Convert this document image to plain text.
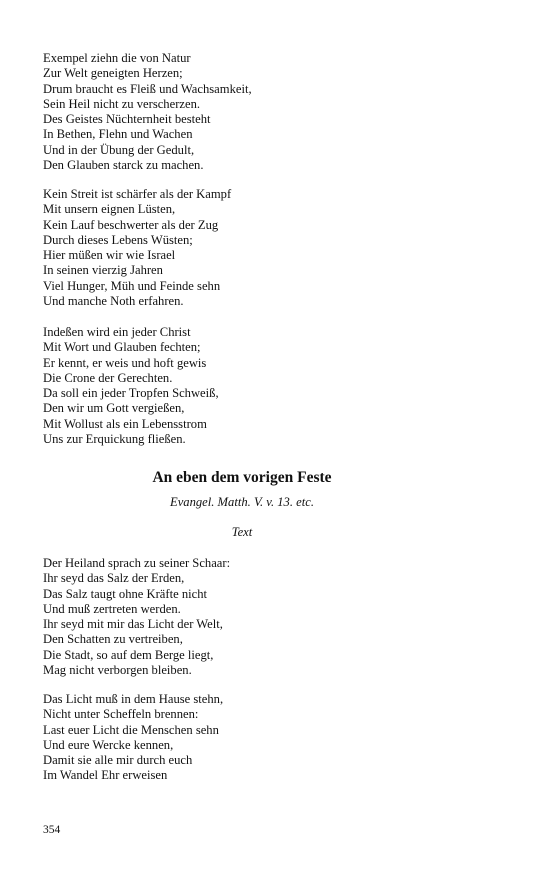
Exempel ziehn die von Natur
Zur Welt geneigten Herzen;
Drum braucht es Fleiß und Wachsamkeit,
Sein Heil nicht zu verscherzen.
Des Geistes Nüchternheit besteht
In Bethen, Flehn und Wachen
Und in der Übung der Gedult,
Den Glauben starck zu machen.
Kein Streit ist schärfer als der Kampf
Mit unsern eignen Lüsten,
Kein Lauf beschwerter als der Zug
Durch dieses Lebens Wüsten;
Hier müßen wir wie Israel
In seinen vierzig Jahren
Viel Hunger, Müh und Feinde sehn
Und manche Noth erfahren.
Indeßen wird ein jeder Christ
Mit Wort und Glauben fechten;
Er kennt, er weis und hoft gewis
Die Crone der Gerechten.
Da soll ein jeder Tropfen Schweiß,
Den wir um Gott vergießen,
Mit Wollust als ein Lebensstrom
Uns zur Erquickung fließen.
An eben dem vorigen Feste
Evangel. Matth. V. v. 13. etc.
Text
Der Heiland sprach zu seiner Schaar:
Ihr seyd das Salz der Erden,
Das Salz taugt ohne Kräfte nicht
Und muß zertreten werden.
Ihr seyd mit mir das Licht der Welt,
Den Schatten zu vertreiben,
Die Stadt, so auf dem Berge liegt,
Mag nicht verborgen bleiben.
Das Licht muß in dem Hause stehn,
Nicht unter Scheffeln brennen:
Last euer Licht die Menschen sehn
Und eure Wercke kennen,
Damit sie alle mir durch euch
Im Wandel Ehr erweisen
354
